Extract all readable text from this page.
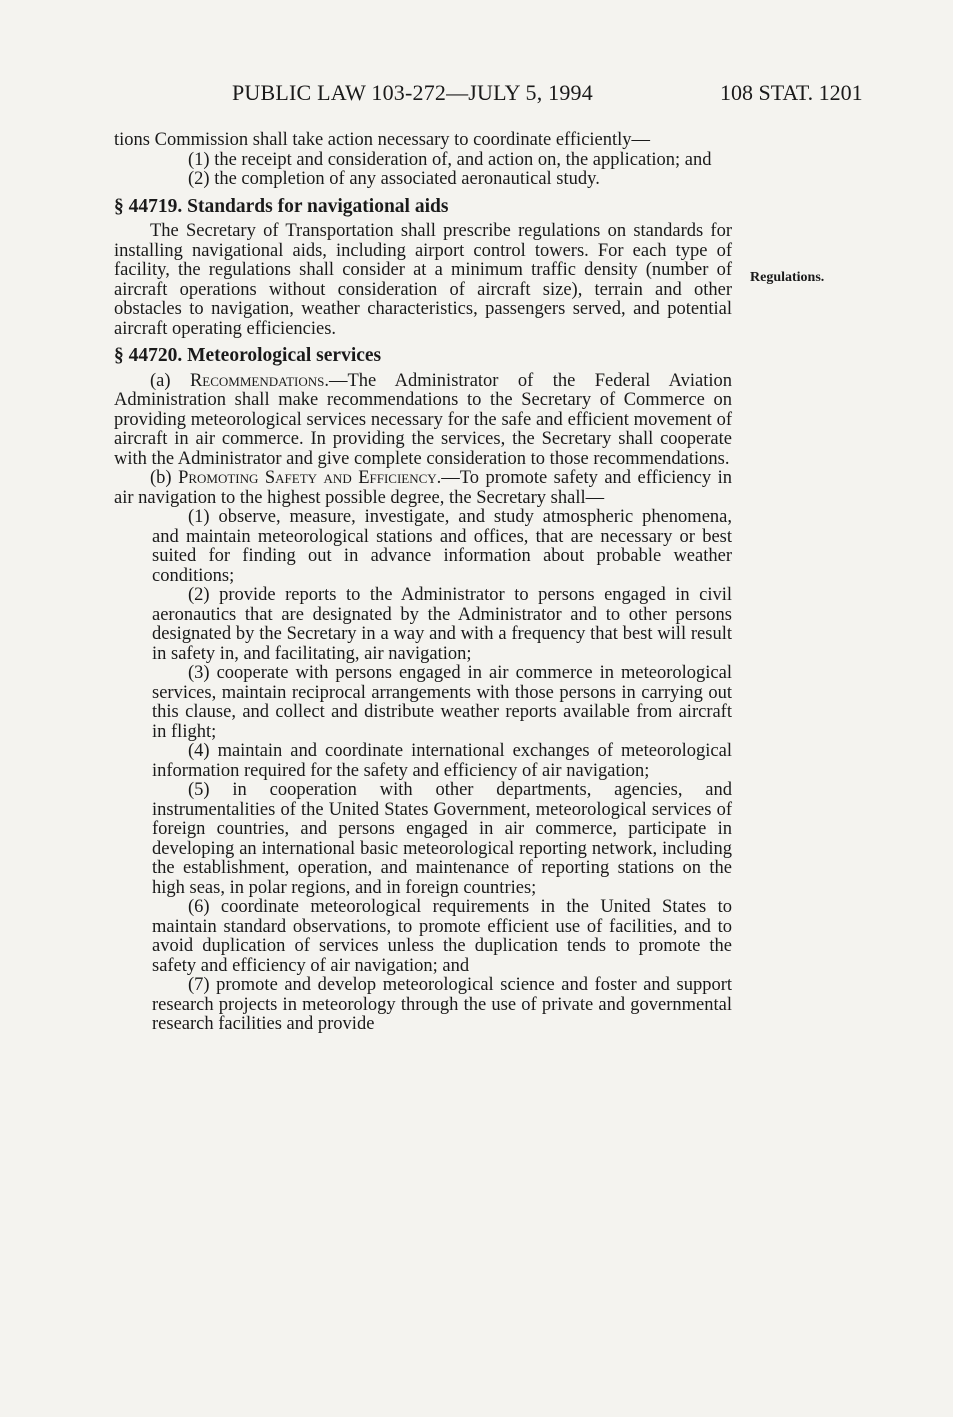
PUBLIC LAW 103-272—JULY 5, 1994	108 STAT. 1201
Regulations.

tions Commission shall take action necessary to coordinate efficiently—

(1) the receipt and consideration of, and action on, the application; and

(2) the completion of any associated aeronautical study.

§ 44719. Standards for navigational aids

The Secretary of Transportation shall prescribe regulations on standards for installing navigational aids, including airport control towers. For each type of facility, the regulations shall consider at a minimum traffic density (number of aircraft operations without consideration of aircraft size), terrain and other obstacles to navigation, weather characteristics, passengers served, and potential aircraft operating efficiencies.

§ 44720. Meteorological services

(a) Recommendations.—The Administrator of the Federal Aviation Administration shall make recommendations to the Secretary of Commerce on providing meteorological services necessary for the safe and efficient movement of aircraft in air commerce. In providing the services, the Secretary shall cooperate with the Administrator and give complete consideration to those recommendations.

(b) Promoting Safety and Efficiency.—To promote safety and efficiency in air navigation to the highest possible degree, the Secretary shall—

(1) observe, measure, investigate, and study atmospheric phenomena, and maintain meteorological stations and offices, that are necessary or best suited for finding out in advance information about probable weather conditions;

(2) provide reports to the Administrator to persons engaged in civil aeronautics that are designated by the Administrator and to other persons designated by the Secretary in a way and with a frequency that best will result in safety in, and facilitating, air navigation;

(3) cooperate with persons engaged in air commerce in meteorological services, maintain reciprocal arrangements with those persons in carrying out this clause, and collect and distribute weather reports available from aircraft in flight;

(4) maintain and coordinate international exchanges of meteorological information required for the safety and efficiency of air navigation;

(5) in cooperation with other departments, agencies, and instrumentalities of the United States Government, meteorological services of foreign countries, and persons engaged in air commerce, participate in developing an international basic meteorological reporting network, including the establishment, operation, and maintenance of reporting stations on the high seas, in polar regions, and in foreign countries;

(6) coordinate meteorological requirements in the United States to maintain standard observations, to promote efficient use of facilities, and to avoid duplication of services unless the duplication tends to promote the safety and efficiency of air navigation; and

(7) promote and develop meteorological science and foster and support research projects in meteorology through the use of private and governmental research facilities and provide
